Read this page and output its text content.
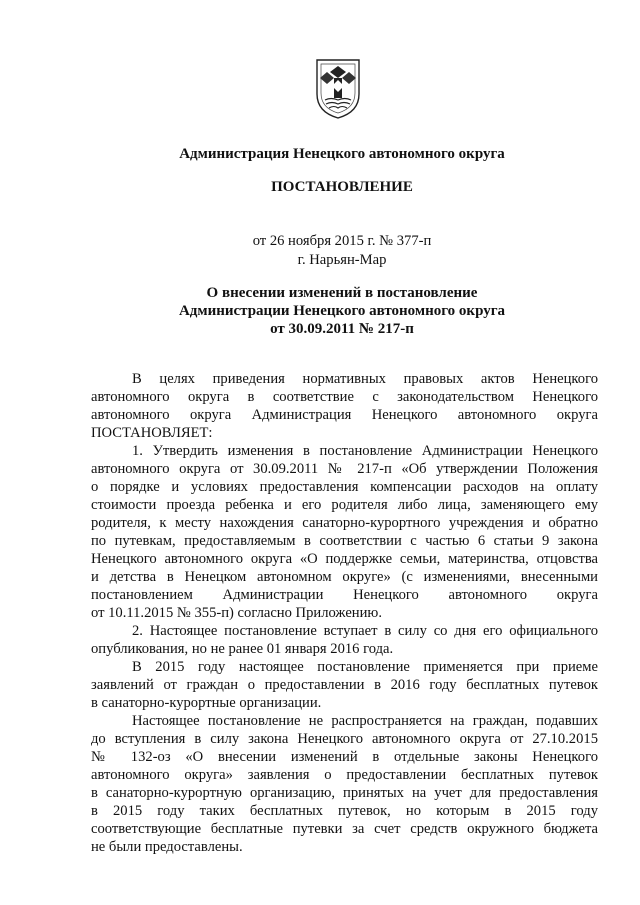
Администрация Ненецкого автономного округа
ПОСТАНОВЛЕНИЕ
от 26 ноября 2015 г. № 377-п
г. Нарьян-Мар
О внесении изменений в постановление
Администрации Ненецкого автономного округа
от 30.09.2011 № 217-п
В целях приведения нормативных правовых актов Ненецкого
автономного округа в соответствие с законодательством Ненецкого
автономного округа Администрация Ненецкого автономного округа
ПОСТАНОВЛЯЕТ:
1. Утвердить изменения в постановление Администрации Ненецкого
автономного округа от 30.09.2011 № 217-п «Об утверждении Положения
о порядке и условиях предоставления компенсации расходов на оплату
стоимости проезда ребенка и его родителя либо лица, заменяющего ему
родителя, к месту нахождения санаторно-курортного учреждения и обратно
по путевкам, предоставляемым в соответствии с частью 6 статьи 9 закона
Ненецкого автономного округа «О поддержке семьи, материнства, отцовства
и детства в Ненецком автономном округе» (с изменениями, внесенными
постановлением Администрации Ненецкого автономного округа
от 10.11.2015 № 355-п) согласно Приложению.
2. Настоящее постановление вступает в силу со дня его официального
опубликования, но не ранее 01 января 2016 года.
В 2015 году настоящее постановление применяется при приеме
заявлений от граждан о предоставлении в 2016 году бесплатных путевок
в санаторно-курортные организации.
Настоящее постановление не распространяется на граждан, подавших
до вступления в силу закона Ненецкого автономного округа от 27.10.2015
№ 132-оз «О внесении изменений в отдельные законы Ненецкого
автономного округа» заявления о предоставлении бесплатных путевок
в санаторно-курортную организацию, принятых на учет для предоставления
в 2015 году таких бесплатных путевок, но которым в 2015 году
соответствующие бесплатные путевки за счет средств окружного бюджета
не были предоставлены.
